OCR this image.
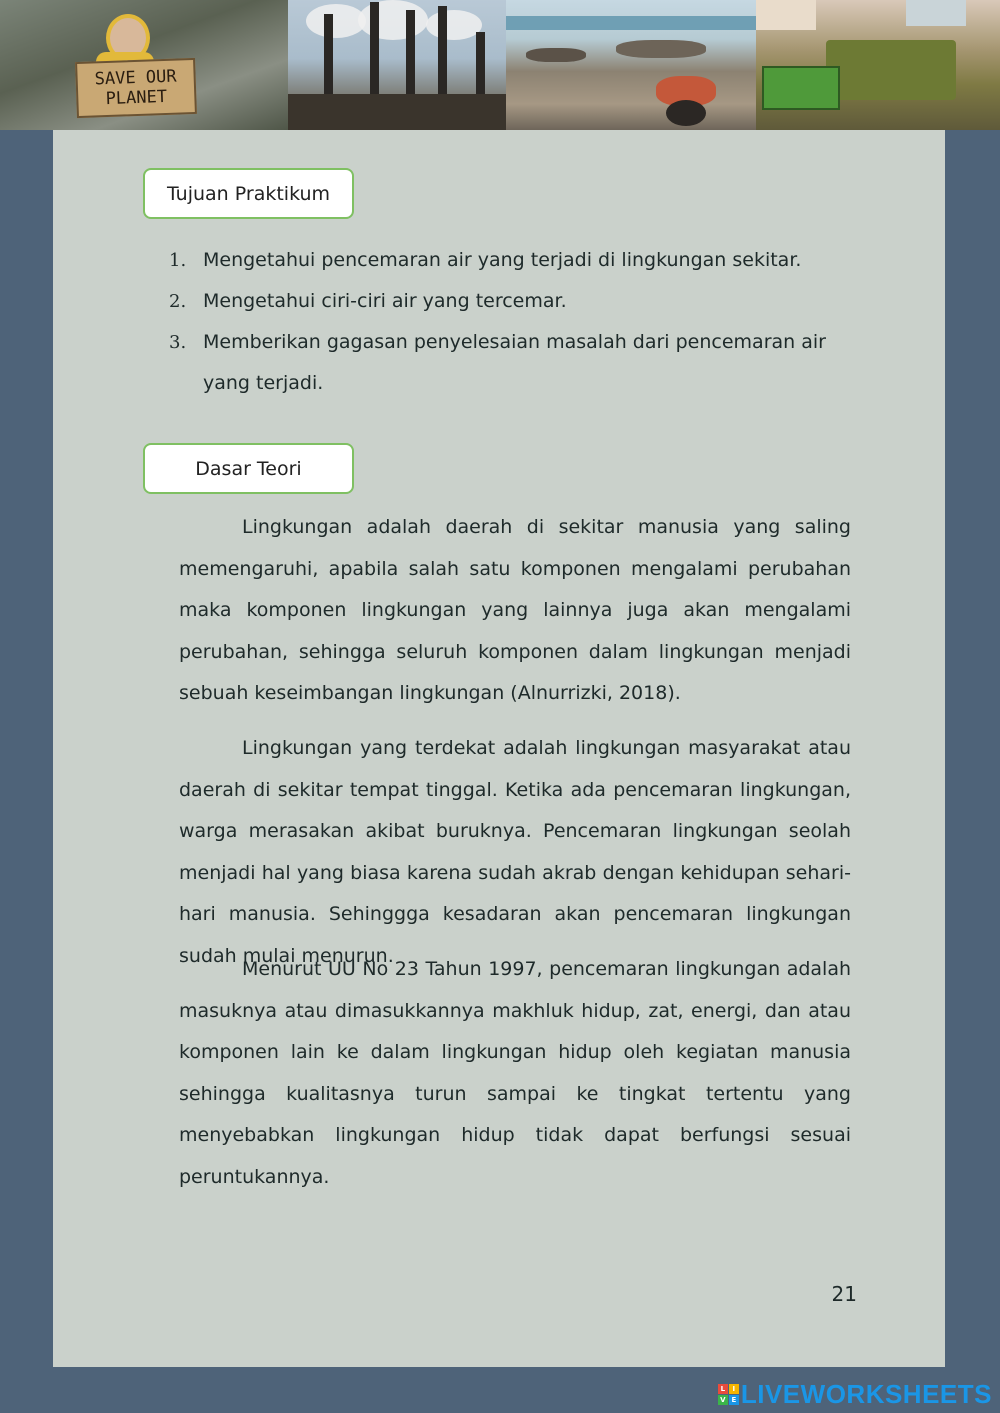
SAVE OUR
PLANET
Tujuan Praktikum
1. Mengetahui pencemaran air yang terjadi di lingkungan sekitar.
2. Mengetahui ciri-ciri air yang tercemar.
3. Memberikan gagasan penyelesaian masalah dari pencemaran air yang terjadi.
Dasar Teori

Lingkungan adalah daerah di sekitar manusia yang saling memengaruhi, apabila salah satu komponen mengalami perubahan maka komponen lingkungan yang lainnya juga akan mengalami perubahan, sehingga seluruh komponen dalam lingkungan menjadi sebuah keseimbangan lingkungan (Alnurrizki, 2018).

Lingkungan yang terdekat adalah lingkungan masyarakat atau daerah di sekitar tempat tinggal. Ketika ada pencemaran lingkungan, warga merasakan akibat buruknya. Pencemaran lingkungan seolah menjadi hal yang biasa karena sudah akrab dengan kehidupan sehari-hari manusia. Sehinggga kesadaran akan pencemaran lingkungan sudah mulai menurun.

Menurut UU No 23 Tahun 1997, pencemaran lingkungan adalah masuknya atau dimasukkannya makhluk hidup, zat, energi, dan atau komponen lain ke dalam lingkungan hidup oleh kegiatan manusia sehingga kualitasnya turun sampai ke tingkat tertentu yang menyebabkan lingkungan hidup tidak dapat berfungsi sesuai peruntukannya.

21
L	I
V E LIVEWORKSHEETS
